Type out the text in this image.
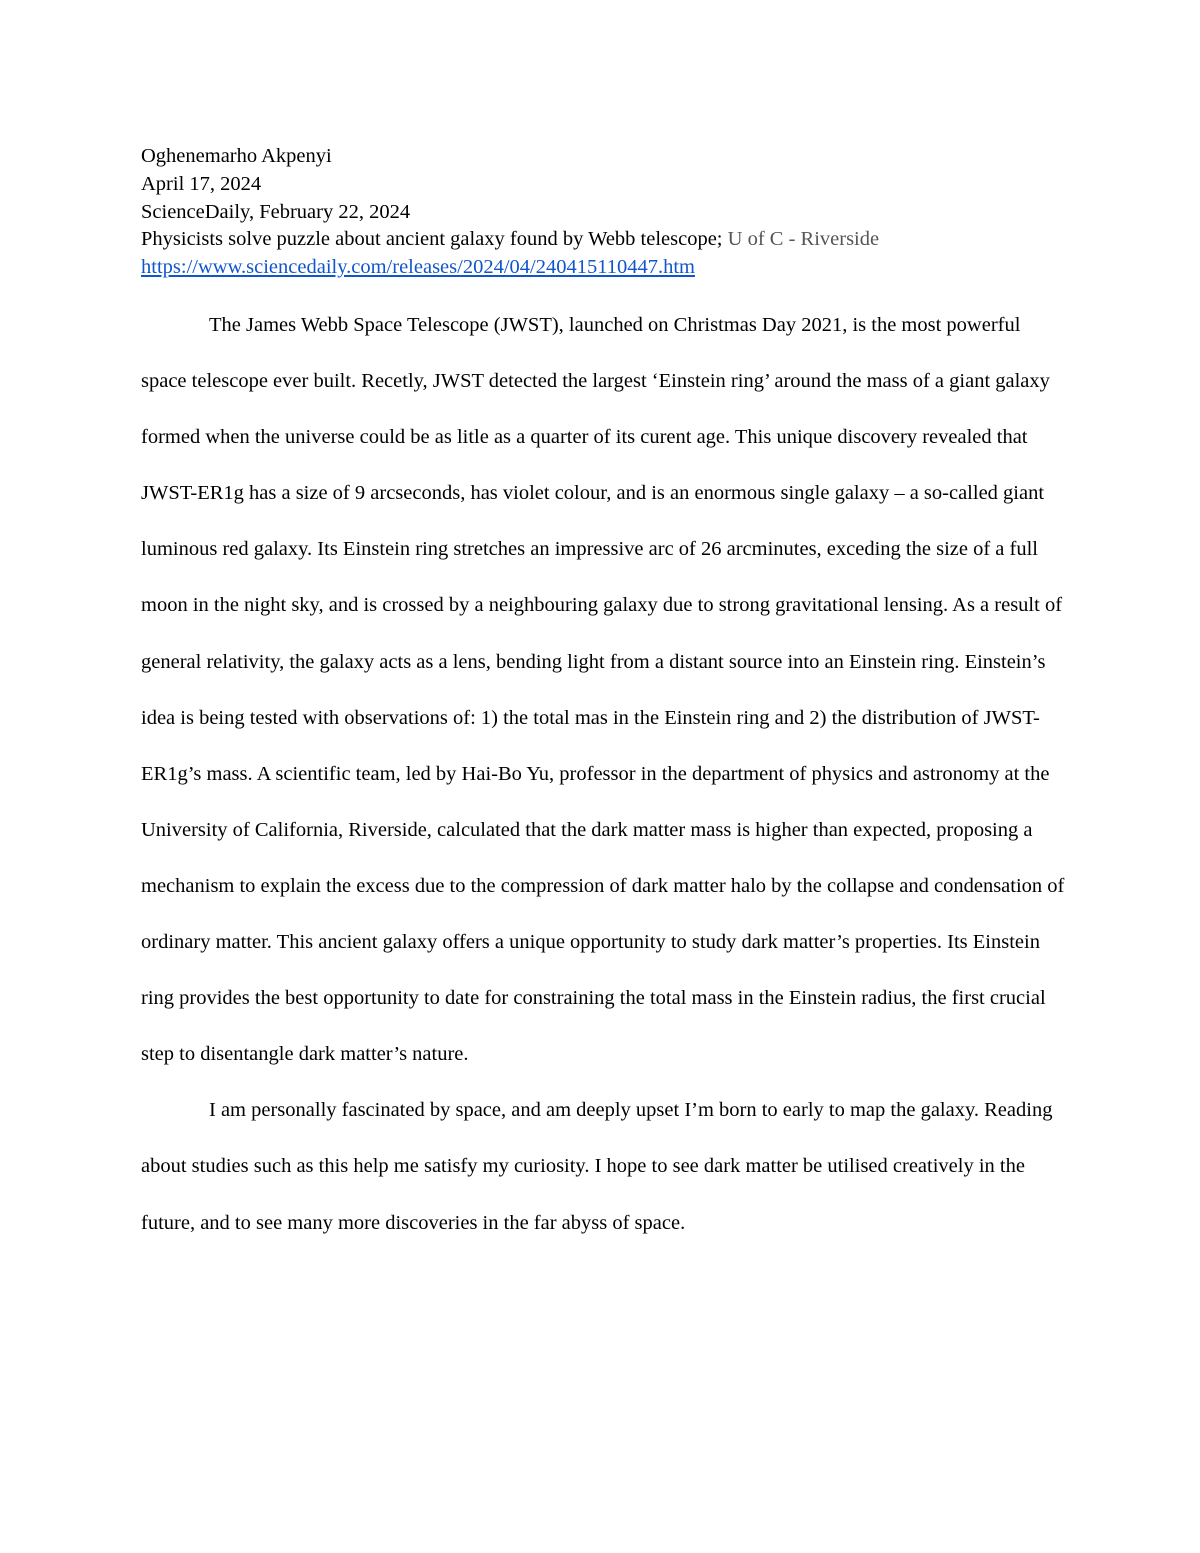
Oghenemarho Akpenyi
April 17, 2024
ScienceDaily, February 22, 2024
Physicists solve puzzle about ancient galaxy found by Webb telescope; U of C - Riverside
https://www.sciencedaily.com/releases/2024/04/240415110447.htm

The James Webb Space Telescope (JWST), launched on Christmas Day 2021, is the most powerful space telescope ever built. Recetly, JWST detected the largest ‘Einstein ring’ around the mass of a giant galaxy formed when the universe could be as litle as a quarter of its curent age. This unique discovery revealed that JWST-ER1g has a size of 9 arcseconds, has violet colour, and is an enormous single galaxy – a so-called giant luminous red galaxy. Its Einstein ring stretches an impressive arc of 26 arcminutes, exceding the size of a full moon in the night sky, and is crossed by a neighbouring galaxy due to strong gravitational lensing. As a result of general relativity, the galaxy acts as a lens, bending light from a distant source into an Einstein ring. Einstein’s idea is being tested with observations of: 1) the total mas in the Einstein ring and 2) the distribution of JWST-ER1g’s mass. A scientific team, led by Hai-Bo Yu, professor in the department of physics and astronomy at the University of California, Riverside, calculated that the dark matter mass is higher than expected, proposing a mechanism to explain the excess due to the compression of dark matter halo by the collapse and condensation of ordinary matter. This ancient galaxy offers a unique opportunity to study dark matter’s properties. Its Einstein ring provides the best opportunity to date for constraining the total mass in the Einstein radius, the first crucial step to disentangle dark matter’s nature.

I am personally fascinated by space, and am deeply upset I’m born to early to map the galaxy. Reading about studies such as this help me satisfy my curiosity. I hope to see dark matter be utilised creatively in the future, and to see many more discoveries in the far abyss of space.
